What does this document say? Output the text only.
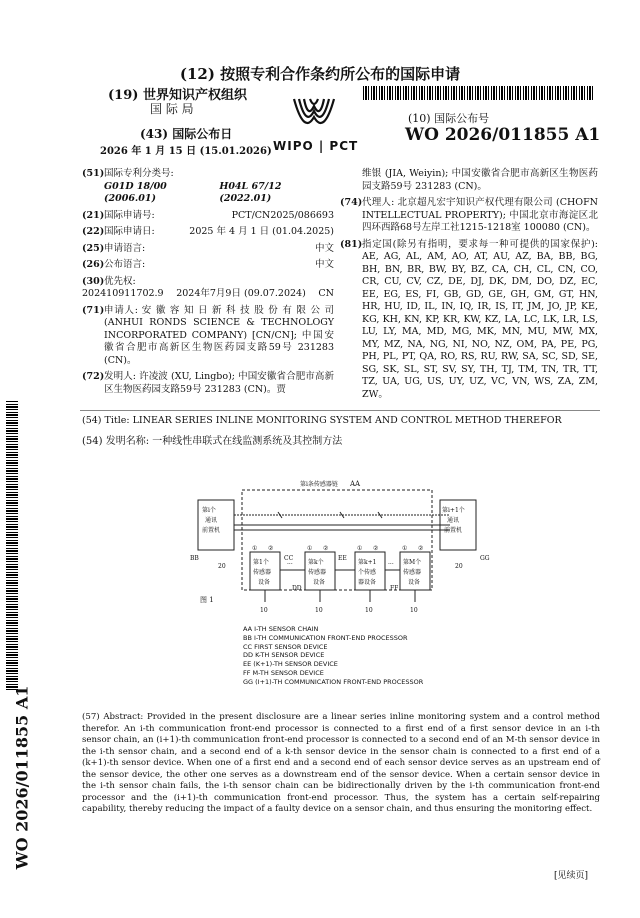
(12) 按照专利合作条约所公布的国际申请
(19) 世界知识产权组织
国 际 局
WIPO | PCT
(10) 国际公布号
WO 2026/011855 A1
(43) 国际公布日
2026 年 1 月 15 日 (15.01.2026)
(51) 国际专利分类号:
G01D 18/00 (2006.01)
H04L 67/12 (2022.01)
(21) 国际申请号:	PCT/CN2025/086693
(22) 国际申请日:	2025 年 4 月 1 日 (01.04.2025)
(25) 申请语言:	中文
(26) 公布语言:	中文
(30) 优先权:
202410911702.9 2024年7月9日 (09.07.2024) CN
(71) 申请人: 安 徽 容 知 日 新 科 技 股 份 有 限 公 司 (ANHUI RONDS SCIENCE & TECHNOLOGY INCORPORATED COMPANY) [CN/CN]; 中国安徽省合肥市高新区生物医药园支路59号 231283 (CN)。
(72) 发明人: 许凌波 (XU, Lingbo); 中国安徽省合肥市高新区生物医药园支路59号 231283 (CN)。贾
维银 (JIA, Weiyin); 中国安徽省合肥市高新区生物医药园支路59号 231283 (CN)。
(74) 代理人: 北京超凡宏宇知识产权代理有限公司 (CHOFN INTELLECTUAL PROPERTY); 中国北京市海淀区北四环西路68号左岸工社1215-1218室 100080 (CN)。
(81) 指定国(除另有指明，要求每一种可提供的国家保护): AE, AG, AL, AM, AO, AT, AU, AZ, BA, BB, BG, BH, BN, BR, BW, BY, BZ, CA, CH, CL, CN, CO, CR, CU, CV, CZ, DE, DJ, DK, DM, DO, DZ, EC, EE, EG, ES, FI, GB, GD, GE, GH, GM, GT, HN, HR, HU, ID, IL, IN, IQ, IR, IS, IT, JM, JO, JP, KE, KG, KH, KN, KP, KR, KW, KZ, LA, LC, LK, LR, LS, LU, LY, MA, MD, MG, MK, MN, MU, MW, MX, MY, MZ, NA, NG, NI, NO, NZ, OM, PA, PE, PG, PH, PL, PT, QA, RO, RS, RU, RW, SA, SC, SD, SE, SG, SK, SL, ST, SV, SY, TH, TJ, TM, TN, TR, TT, TZ, UA, UG, US, UY, UZ, VC, VN, WS, ZA, ZM, ZW。
(54) Title: LINEAR SERIES INLINE MONITORING SYSTEM AND CONTROL METHOD THEREFOR
(54) 发明名称: 一种线性串联式在线监测系统及其控制方法
第i条传感器链 AA
第i个
通讯
前置机
第i+1个
通讯
前置机
第1个
传感器
设备
第k个
传感器
设备
第k+1
个传感
器设备
第M个
传感器
设备
① ②	① ②	① ②	① ②
···	···
CC	EE
BB	GG
20	20
DD	FF
10	10	10	10
图 1
AA I-TH SENSOR CHAIN
BB I-TH COMMUNICATION FRONT-END PROCESSOR
CC FIRST SENSOR DEVICE
DD K-TH SENSOR DEVICE
EE (K+1)-TH SENSOR DEVICE
FF M-TH SENSOR DEVICE
GG (I+1)-TH COMMUNICATION FRONT-END PROCESSOR
(57) Abstract: Provided in the present disclosure are a linear series inline monitoring system and a control method therefor. An i-th communication front-end processor is connected to a first end of a first sensor device in an i-th sensor chain, an (i+1)-th communication front-end processor is connected to a second end of an M-th sensor device in the i-th sensor chain, and a second end of a k-th sensor device in the sensor chain is connected to a first end of a (k+1)-th sensor device. When one of a first end and a second end of each sensor device serves as an upstream end of the sensor device, the other one serves as a downstream end of the sensor device. When a certain sensor device in the i-th sensor chain fails, the i-th sensor chain can be bidirectionally driven by the i-th communication front-end processor and the (i+1)-th communication front-end processor. Thus, the system has a certain self-repairing capability, thereby reducing the impact of a faulty device on a sensor chain, and thus ensuring the monitoring effect.
[见续页]
WO 2026/011855 A1
